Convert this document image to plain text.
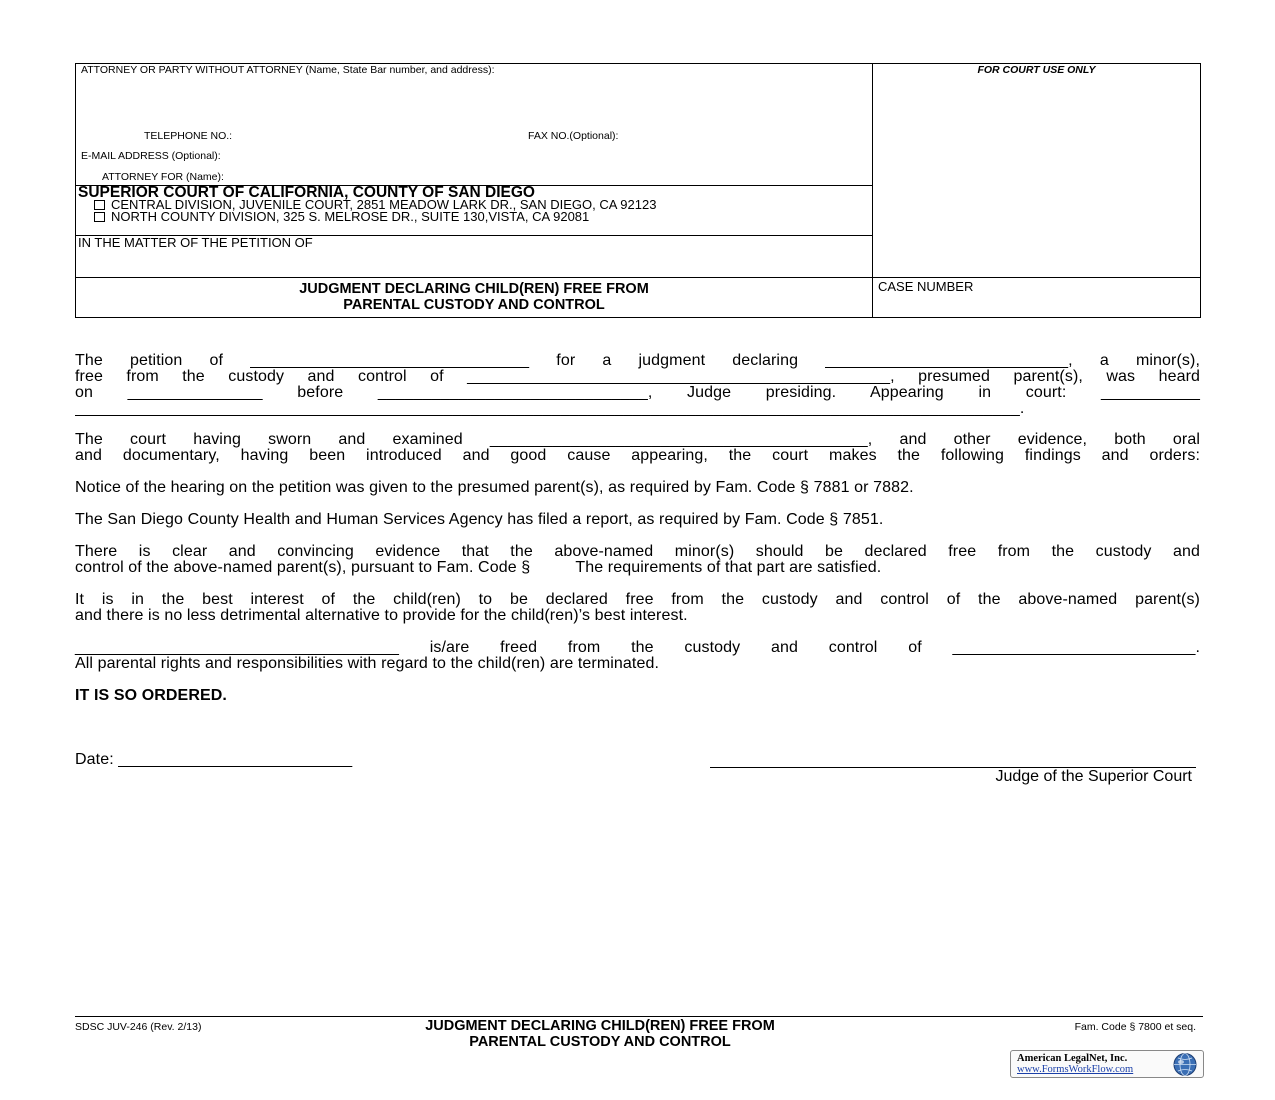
ATTORNEY OR PARTY WITHOUT ATTORNEY (Name, State Bar number, and address):
TELEPHONE NO.:	FAX NO.(Optional):
E-MAIL ADDRESS (Optional):
ATTORNEY FOR (Name):
FOR COURT USE ONLY
SUPERIOR COURT OF CALIFORNIA, COUNTY OF SAN DIEGO
CENTRAL DIVISION, JUVENILE COURT, 2851 MEADOW LARK DR., SAN DIEGO, CA 92123
NORTH COUNTY DIVISION, 325 S. MELROSE DR., SUITE 130,VISTA, CA 92081
IN THE MATTER OF THE PETITION OF
JUDGMENT DECLARING CHILD(REN) FREE FROM
PARENTAL CUSTODY AND CONTROL
CASE NUMBER
The petition of _______________________________ for a judgment declaring ___________________________, a minor(s),
free from the custody and control of _______________________________________________, presumed parent(s), was heard
on _______________ before ______________________________, Judge presiding. Appearing in court: ___________
_________________________________________________________________________________________________________.
The court having sworn and examined __________________________________________, and other evidence, both oral
and documentary, having been introduced and good cause appearing, the court makes the following findings and orders:
Notice of the hearing on the petition was given to the presumed parent(s), as required by Fam. Code § 7881 or 7882.
The San Diego County Health and Human Services Agency has filed a report, as required by Fam. Code § 7851.
There is clear and convincing evidence that the above-named minor(s) should be declared free from the custody and
control of the above-named parent(s), pursuant to Fam. Code §          The requirements of that part are satisfied.
It is in the best interest of the child(ren) to be declared free from the custody and control of the above-named parent(s)
and there is no less detrimental alternative to provide for the child(ren)’s best interest.
____________________________________ is/are freed from the custody and control of ___________________________.
All parental rights and responsibilities with regard to the child(ren) are terminated.
IT IS SO ORDERED.
Date: __________________________
Judge of the Superior Court
SDSC JUV-246 (Rev. 2/13)	JUDGMENT DECLARING CHILD(REN) FREE FROM
PARENTAL CUSTODY AND CONTROL
Fam. Code § 7800 et seq.
American LegalNet, Inc.
www.FormsWorkFlow.com
